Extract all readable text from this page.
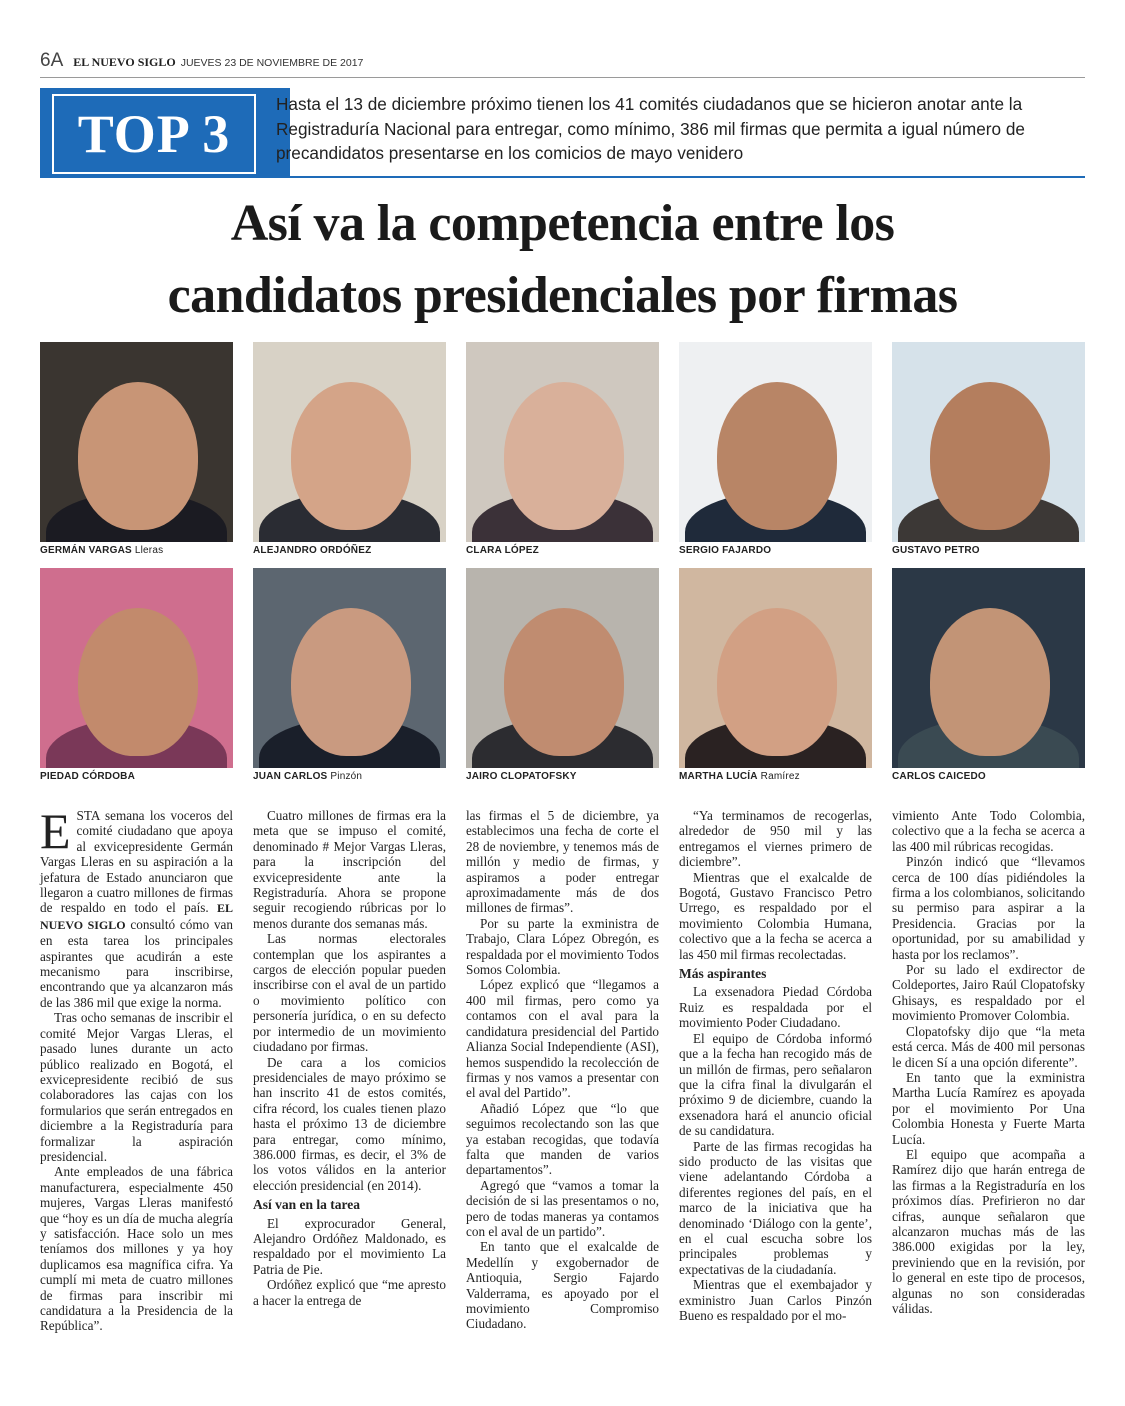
6A EL NUEVO SIGLO JUEVES 23 DE NOVIEMBRE DE 2017
TOP 3	Hasta el 13 de diciembre próximo tienen los 41 comités ciudadanos que se hicieron anotar ante la Registraduría Nacional para entregar, como mínimo, 386 mil firmas que permita a igual número de precandidatos presentarse en los comicios de mayo venidero
Así va la competencia entre los
candidatos presidenciales por firmas
GERMÁN VARGAS Lleras	ALEJANDRO ORDÓÑEZ	CLARA LÓPEZ	SERGIO FAJARDO	GUSTAVO PETRO
PIEDAD CÓRDOBA	JUAN CARLOS Pinzón	JAIRO CLOPATOFSKY	MARTHA LUCÍA Ramírez	CARLOS CAICEDO

ESTA semana los voceros del comité ciudadano que apoya al exvicepresidente Germán Vargas Lleras en su aspiración a la jefatura de Estado anunciaron que llegaron a cuatro millones de firmas de respaldo en todo el país. EL NUEVO SIGLO consultó cómo van en esta tarea los principales aspirantes que acudirán a este mecanismo para inscribirse, encontrando que ya alcanzaron más de las 386 mil que exige la norma.

Tras ocho semanas de inscribir el comité Mejor Vargas Lleras, el pasado lunes durante un acto público realizado en Bogotá, el exvicepresidente recibió de sus colaboradores las cajas con los formularios que serán entregados en diciembre a la Registraduría para formalizar la aspiración presidencial.

Ante empleados de una fábrica manufacturera, especialmente 450 mujeres, Vargas Lleras manifestó que “hoy es un día de mucha alegría y satisfacción. Hace solo un mes teníamos dos millones y ya hoy duplicamos esa magnífica cifra. Ya cumplí mi meta de cuatro millones de firmas para inscribir mi candidatura a la Presidencia de la República”.

Cuatro millones de firmas era la meta que se impuso el comité, denominado # Mejor Vargas Lleras, para la inscripción del exvicepresidente ante la Registraduría. Ahora se propone seguir recogiendo rúbricas por lo menos durante dos semanas más.

Las normas electorales contemplan que los aspirantes a cargos de elección popular pueden inscribirse con el aval de un partido o movimiento político con personería jurídica, o en su defecto por intermedio de un movimiento ciudadano por firmas.

De cara a los comicios presidenciales de mayo próximo se han inscrito 41 de estos comités, cifra récord, los cuales tienen plazo hasta el próximo 13 de diciembre para entregar, como mínimo, 386.000 firmas, es decir, el 3% de los votos válidos en la anterior elección presidencial (en 2014).

Así van en la tarea

El exprocurador General, Alejandro Ordóñez Maldonado, es respaldado por el movimiento La Patria de Pie.

Ordóñez explicó que “me apresto a hacer la entrega de

las firmas el 5 de diciembre, ya establecimos una fecha de corte el 28 de noviembre, y tenemos más de millón y medio de firmas, y aspiramos a poder entregar aproximadamente más de dos millones de firmas”.

Por su parte la exministra de Trabajo, Clara López Obregón, es respaldada por el movimiento Todos Somos Colombia.

López explicó que “llegamos a 400 mil firmas, pero como ya contamos con el aval para la candidatura presidencial del Partido Alianza Social Independiente (ASI), hemos suspendido la recolección de firmas y nos vamos a presentar con el aval del Partido”.

Añadió López que “lo que seguimos recolectando son las que ya estaban recogidas, que todavía falta que manden de varios departamentos”.

Agregó que “vamos a tomar la decisión de si las presentamos o no, pero de todas maneras ya contamos con el aval de un partido”.

En tanto que el exalcalde de Medellín y exgobernador de Antioquia, Sergio Fajardo Valderrama, es apoyado por el movimiento Compromiso Ciudadano.

“Ya terminamos de recogerlas, alrededor de 950 mil y las entregamos el viernes primero de diciembre”.

Mientras que el exalcalde de Bogotá, Gustavo Francisco Petro Urrego, es respaldado por el movimiento Colombia Humana, colectivo que a la fecha se acerca a las 450 mil firmas recolectadas.

Más aspirantes

La exsenadora Piedad Córdoba Ruiz es respaldada por el movimiento Poder Ciudadano.

El equipo de Córdoba informó que a la fecha han recogido más de un millón de firmas, pero señalaron que la cifra final la divulgarán el próximo 9 de diciembre, cuando la exsenadora hará el anuncio oficial de su candidatura.

Parte de las firmas recogidas ha sido producto de las visitas que viene adelantando Córdoba a diferentes regiones del país, en el marco de la iniciativa que ha denominado ‘Diálogo con la gente’, en el cual escucha sobre los principales problemas y expectativas de la ciudadanía.

Mientras que el exembajador y exministro Juan Carlos Pinzón Bueno es respaldado por el mo-

vimiento Ante Todo Colombia, colectivo que a la fecha se acerca a las 400 mil rúbricas recogidas.

Pinzón indicó que “llevamos cerca de 100 días pidiéndoles la firma a los colombianos, solicitando su permiso para aspirar a la Presidencia. Gracias por la oportunidad, por su amabilidad y hasta por los reclamos”.

Por su lado el exdirector de Coldeportes, Jairo Raúl Clopatofsky Ghisays, es respaldado por el movimiento Promover Colombia.

Clopatofsky dijo que “la meta está cerca. Más de 400 mil personas le dicen Sí a una opción diferente”.

En tanto que la exministra Martha Lucía Ramírez es apoyada por el movimiento Por Una Colombia Honesta y Fuerte Marta Lucía.

El equipo que acompaña a Ramírez dijo que harán entrega de las firmas a la Registraduría en los próximos días. Prefirieron no dar cifras, aunque señalaron que alcanzaron muchas más de las 386.000 exigidas por la ley, previniendo que en la revisión, por lo general en este tipo de procesos, algunas no son consideradas válidas.
